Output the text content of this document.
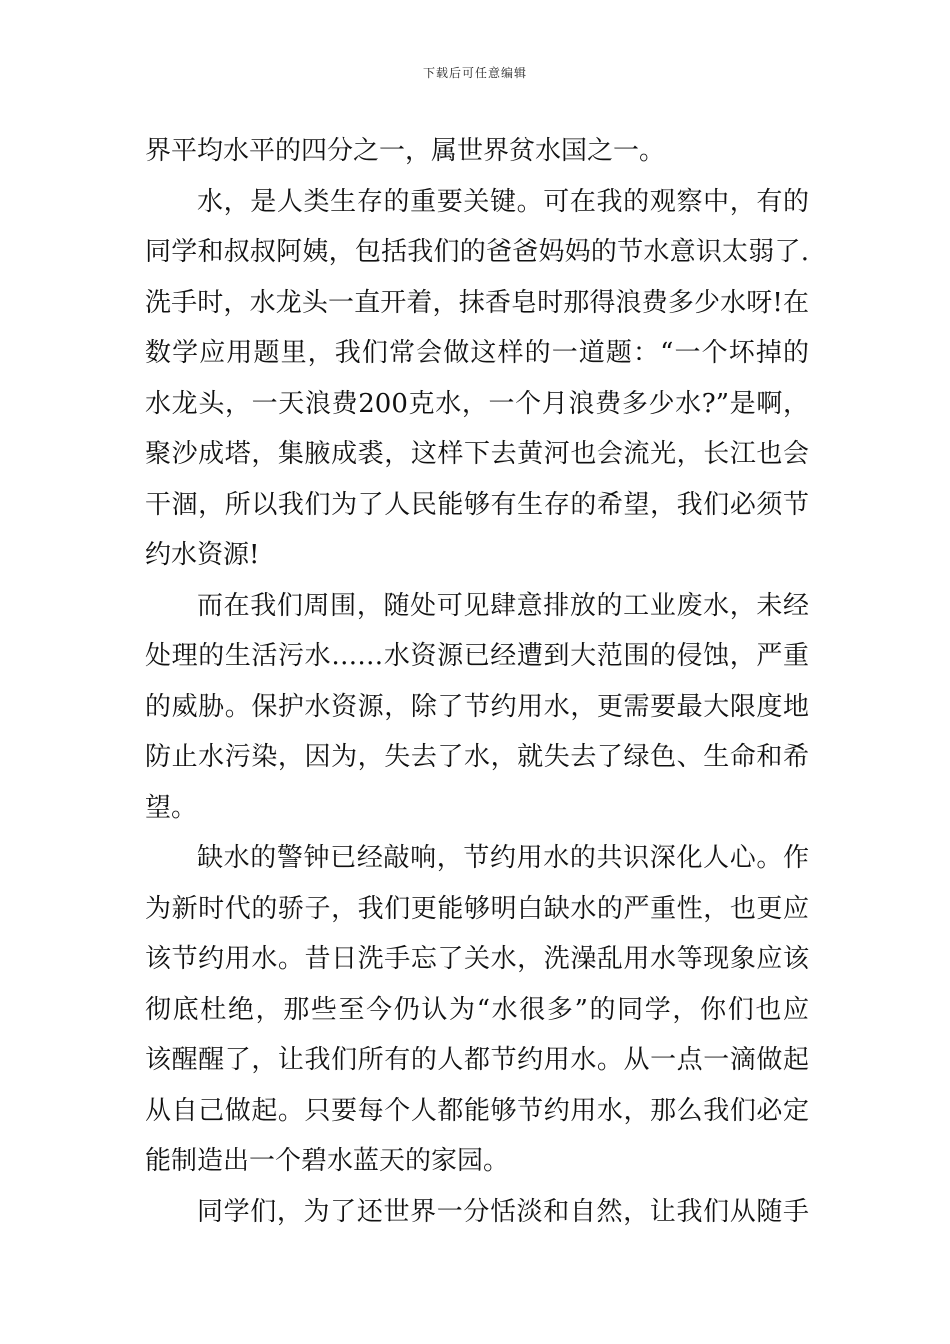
下载后可任意编辑
界平均水平的四分之一，属世界贫水国之一。
水，是人类生存的重要关键。可在我的观察中，有的
同学和叔叔阿姨，包括我们的爸爸妈妈的节水意识太弱了.
洗手时，水龙头一直开着，抹香皂时那得浪费多少水呀!在
数学应用题里，我们常会做这样的一道题：“一个坏掉的
水龙头，一天浪费200克水，一个月浪费多少水?”是啊，
聚沙成塔，集腋成裘，这样下去黄河也会流光，长江也会
干涸，所以我们为了人民能够有生存的希望，我们必须节
约水资源!
而在我们周围，随处可见肆意排放的工业废水，未经
处理的生活污水……水资源已经遭到大范围的侵蚀，严重
的威胁。保护水资源，除了节约用水，更需要最大限度地
防止水污染，因为，失去了水，就失去了绿色、生命和希
望。
缺水的警钟已经敲响，节约用水的共识深化人心。作
为新时代的骄子，我们更能够明白缺水的严重性，也更应
该节约用水。昔日洗手忘了关水，洗澡乱用水等现象应该
彻底杜绝，那些至今仍认为“水很多”的同学，你们也应
该醒醒了，让我们所有的人都节约用水。从一点一滴做起
从自己做起。只要每个人都能够节约用水，那么我们必定
能制造出一个碧水蓝天的家园。
同学们，为了还世界一分恬淡和自然，让我们从随手
